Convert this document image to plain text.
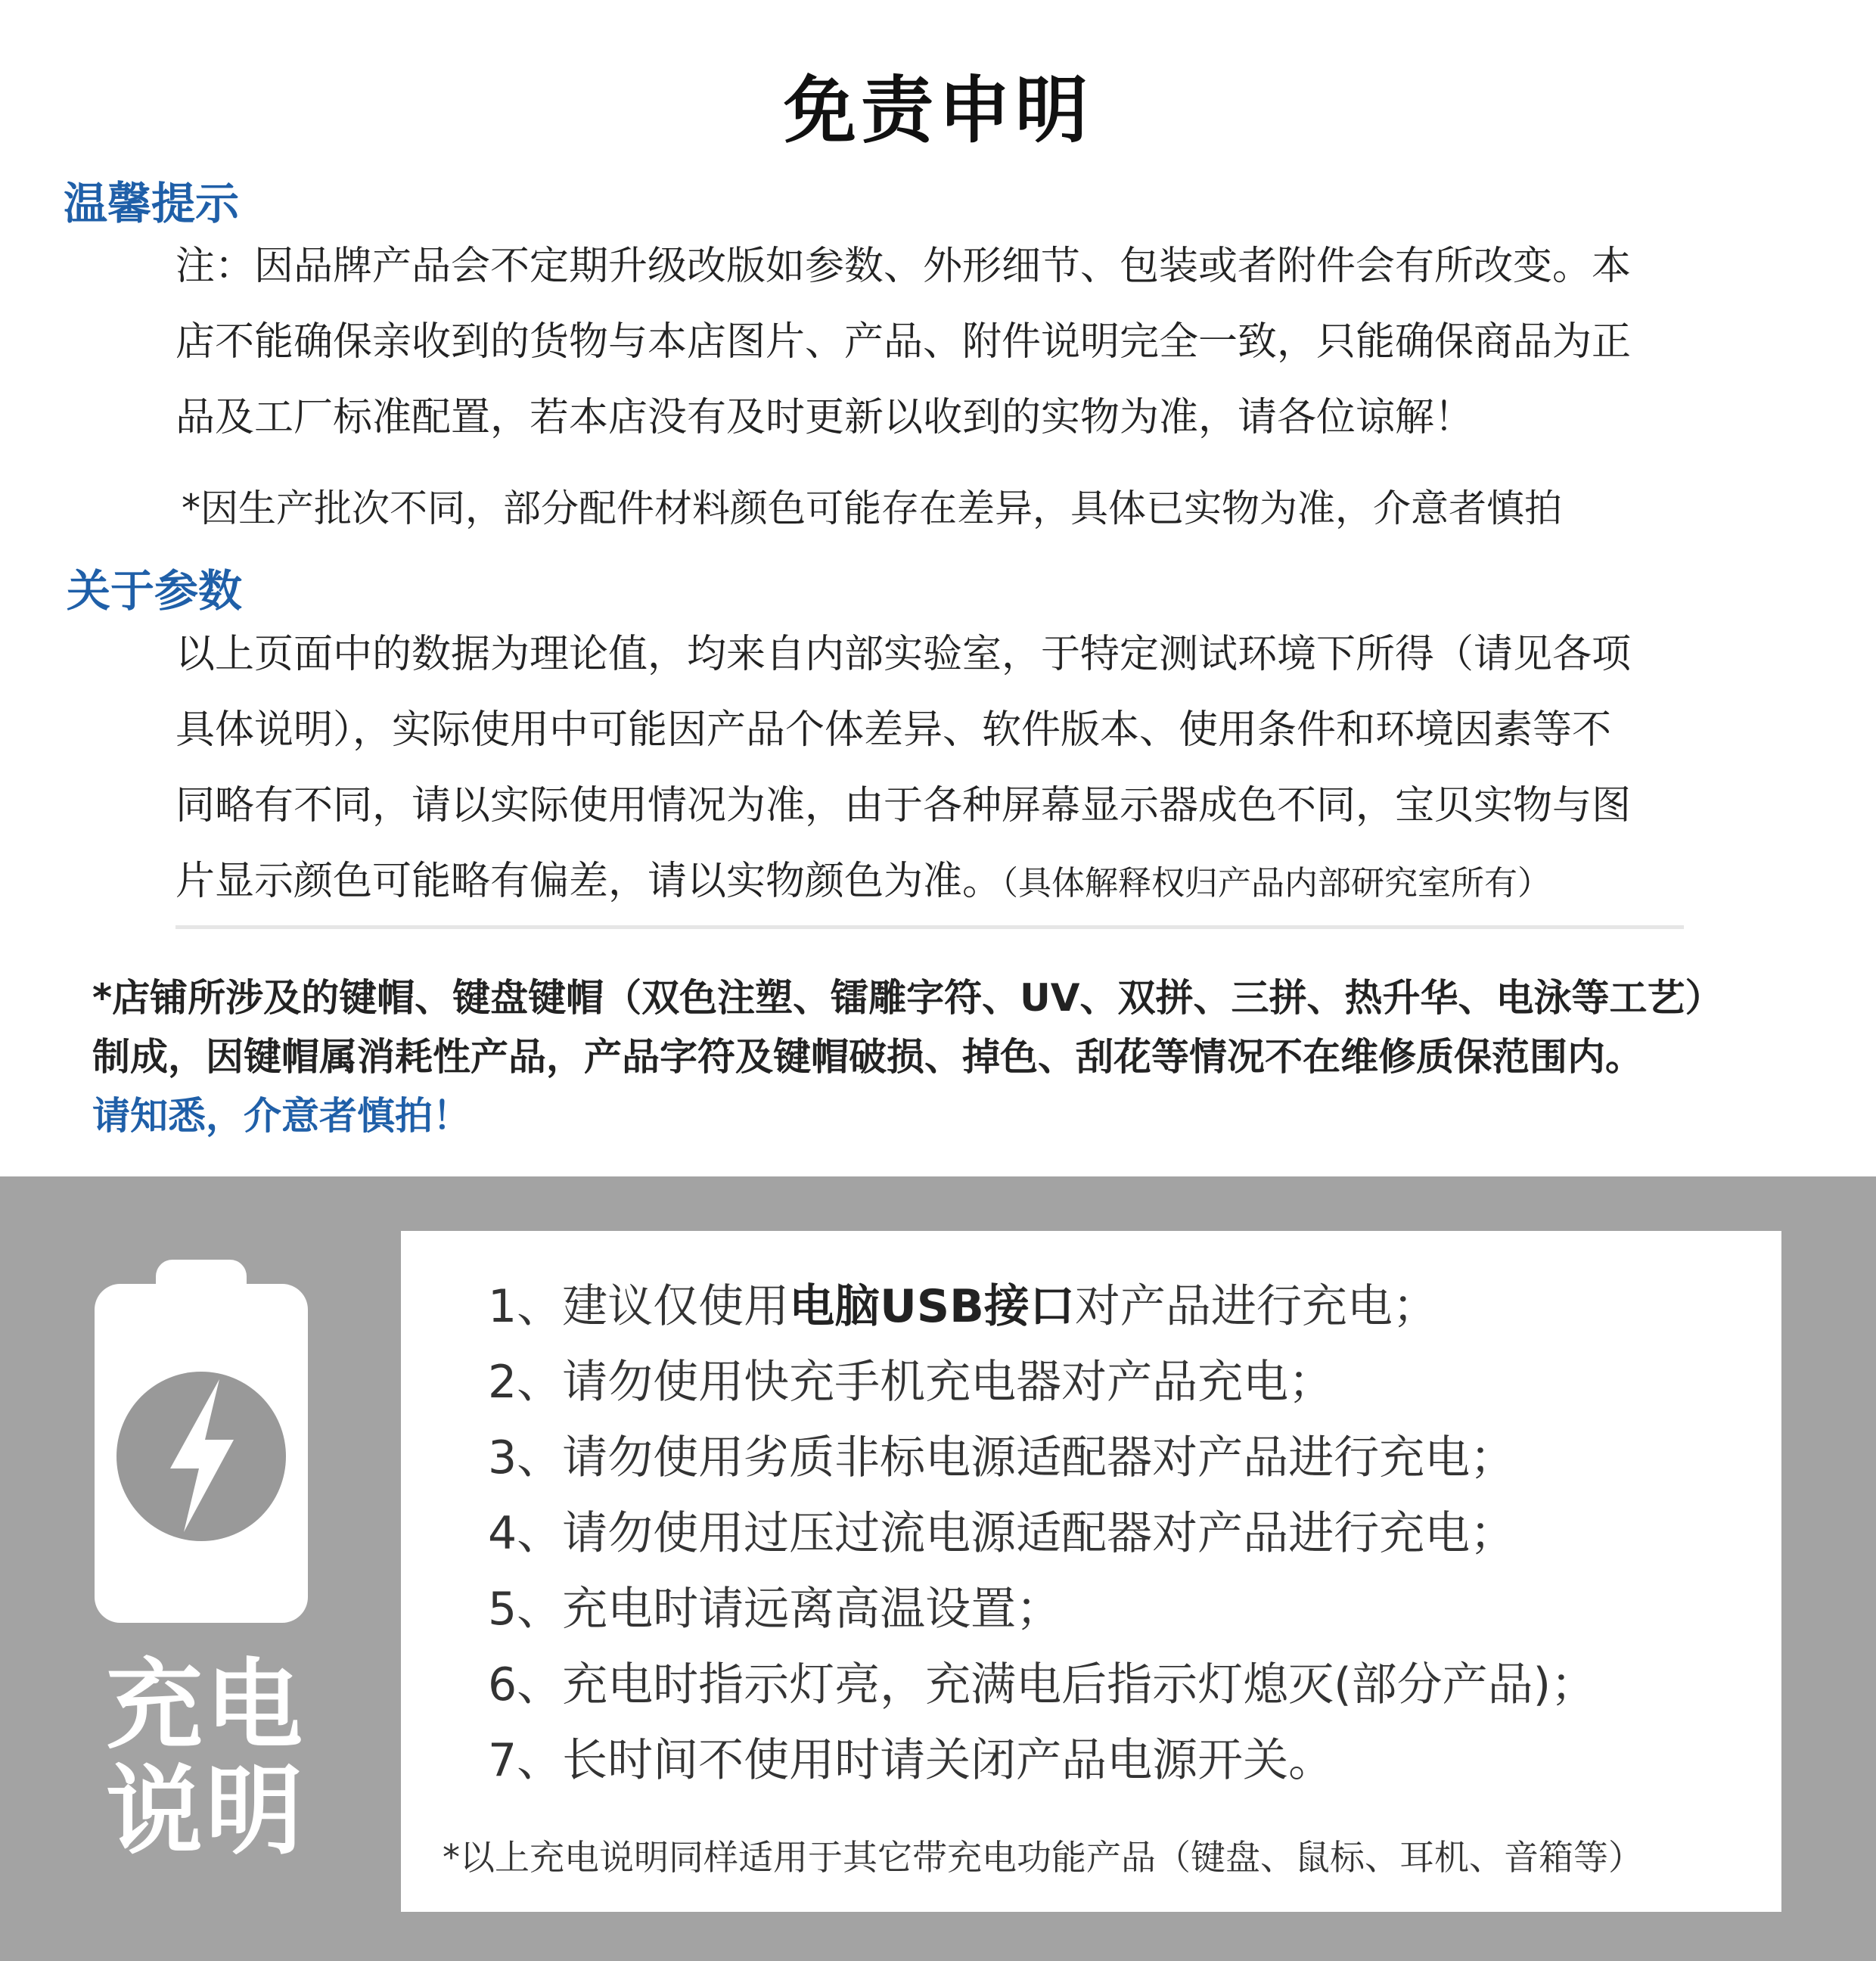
免责申明
温馨提示

注：因品牌产品会不定期升级改版如参数、外形细节、包装或者附件会有所改变。本

店不能确保亲收到的货物与本店图片、产品、附件说明完全一致，只能确保商品为正

品及工厂标准配置，若本店没有及时更新以收到的实物为准，请各位谅解！

*因生产批次不同，部分配件材料颜色可能存在差异，具体已实物为准，介意者慎拍
关于参数

以上页面中的数据为理论值，均来自内部实验室，于特定测试环境下所得（请见各项

具体说明），实际使用中可能因产品个体差异、软件版本、使用条件和环境因素等不

同略有不同，请以实际使用情况为准，由于各种屏幕显示器成色不同，宝贝实物与图

片显示颜色可能略有偏差，请以实物颜色为准。（具体解释权归产品内部研究室所有）

*店铺所涉及的键帽、键盘键帽（双色注塑、镭雕字符、UV、双拼、三拼、热升华、电泳等工艺）

制成，因键帽属消耗性产品，产品字符及键帽破损、掉色、刮花等情况不在维修质保范围内。

请知悉，介意者慎拍！

充电
说明
1、建议仅使用电脑USB接口对产品进行充电；
2、请勿使用快充手机充电器对产品充电；
3、请勿使用劣质非标电源适配器对产品进行充电；
4、请勿使用过压过流电源适配器对产品进行充电；
5、充电时请远离高温设置；
6、充电时指示灯亮，充满电后指示灯熄灭(部分产品)；
7、长时间不使用时请关闭产品电源开关。
*以上充电说明同样适用于其它带充电功能产品（键盘、鼠标、耳机、音箱等）
